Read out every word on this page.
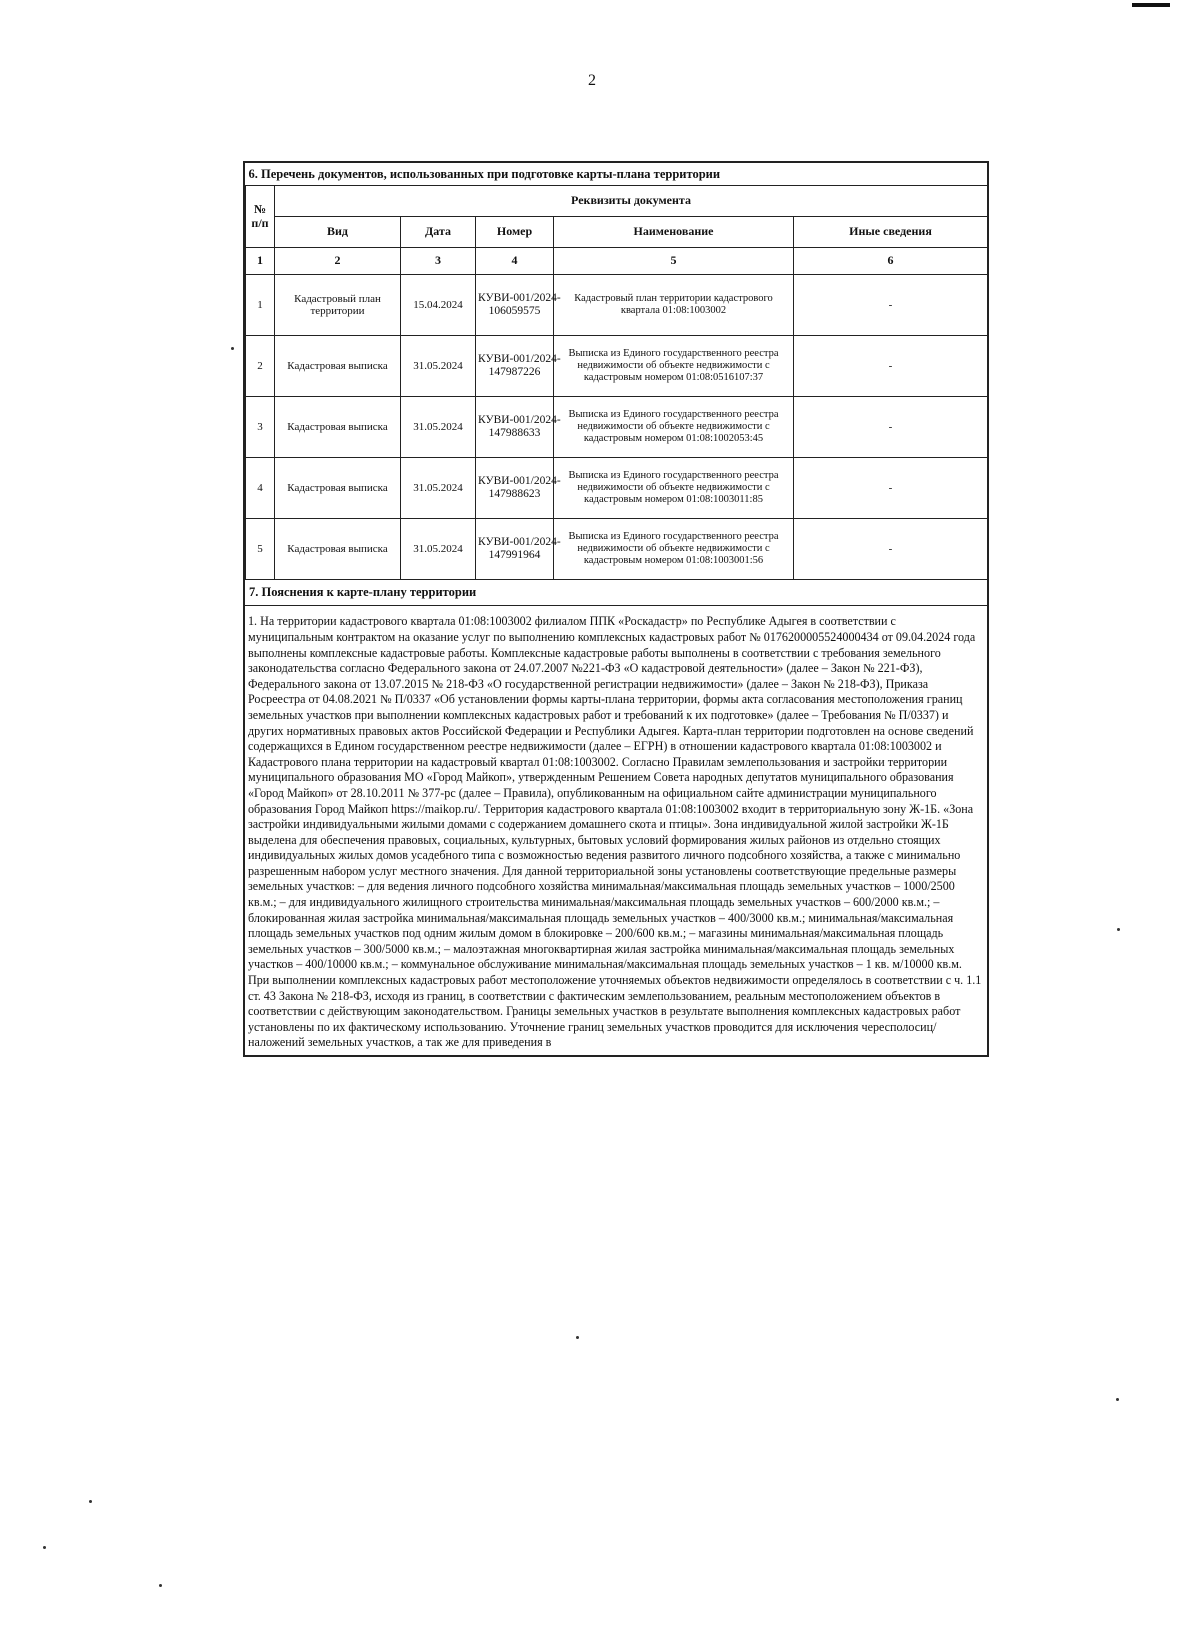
2
6. Перечень документов, использованных при подготовке карты-плана территории					
№ п/п	Реквизиты документа				
	Вид	Дата	Номер	Наименование	Иные сведения
1	2	3	4	5	6
1	Кадастровый план территории	15.04.2024	КУВИ-001/2024-106059575	Кадастровый план территории кадастрового квартала 01:08:1003002	-
2	Кадастровая выписка	31.05.2024	КУВИ-001/2024-147987226	Выписка из Единого государственного реестра недвижимости об объекте недвижимости с кадастровым номером 01:08:0516107:37	-
3	Кадастровая выписка	31.05.2024	КУВИ-001/2024-147988633	Выписка из Единого государственного реестра недвижимости об объекте недвижимости с кадастровым номером 01:08:1002053:45	-
4	Кадастровая выписка	31.05.2024	КУВИ-001/2024-147988623	Выписка из Единого государственного реестра недвижимости об объекте недвижимости с кадастровым номером 01:08:1003011:85	-
5	Кадастровая выписка	31.05.2024	КУВИ-001/2024-147991964	Выписка из Единого государственного реестра недвижимости об объекте недвижимости с кадастровым номером 01:08:1003001:56	-
7. Пояснения к карте-плану территории
1. На территории кадастрового квартала 01:08:1003002 филиалом ППК «Роскадастр» по Республике Адыгея в соответствии с муниципальным контрактом на оказание услуг по выполнению комплексных кадастровых работ № 0176200005524000434 от 09.04.2024 года выполнены комплексные кадастровые работы. Комплексные кадастровые работы выполнены в соответствии с требования земельного законодательства согласно Федерального закона от 24.07.2007 №221-ФЗ «О кадастровой деятельности» (далее – Закон № 221-ФЗ), Федерального закона от 13.07.2015 № 218-ФЗ «О государственной регистрации недвижимости» (далее – Закон № 218-ФЗ), Приказа Росреестра от 04.08.2021 № П/0337 «Об установлении формы карты-плана территории, формы акта согласования местоположения границ земельных участков при выполнении комплексных кадастровых работ и требований к их подготовке» (далее – Требования № П/0337) и других нормативных правовых актов Российской Федерации и Республики Адыгея. Карта-план территории подготовлен на основе сведений содержащихся в Едином государственном реестре недвижимости (далее – ЕГРН) в отношении кадастрового квартала 01:08:1003002 и Кадастрового плана территории на кадастровый квартал 01:08:1003002. Согласно Правилам землепользования и застройки территории муниципального образования МО «Город Майкоп», утвержденным Решением Совета народных депутатов муниципального образования «Город Майкоп» от 28.10.2011 № 377-рс (далее – Правила), опубликованным на официальном сайте администрации муниципального образования Город Майкоп https://maikop.ru/. Территория кадастрового квартала 01:08:1003002 входит в территориальную зону Ж-1Б. «Зона застройки индивидуальными жилыми домами с содержанием домашнего скота и птицы». Зона индивидуальной жилой застройки Ж-1Б выделена для обеспечения правовых, социальных, культурных, бытовых условий формирования жилых районов из отдельно стоящих индивидуальных жилых домов усадебного типа с возможностью ведения развитого личного подсобного хозяйства, а также с минимально разрешенным набором услуг местного значения. Для данной территориальной зоны установлены соответствующие предельные размеры земельных участков: – для ведения личного подсобного хозяйства минимальная/максимальная площадь земельных участков – 1000/2500 кв.м.; – для индивидуального жилищного строительства минимальная/максимальная площадь земельных участков – 600/2000 кв.м.; – блокированная жилая застройка минимальная/максимальная площадь земельных участков – 400/3000 кв.м.; минимальная/максимальная площадь земельных участков под одним жилым домом в блокировке – 200/600 кв.м.; – магазины минимальная/максимальная площадь земельных участков – 300/5000 кв.м.; – малоэтажная многоквартирная жилая застройка минимальная/максимальная площадь земельных участков – 400/10000 кв.м.; – коммунальное обслуживание минимальная/максимальная площадь земельных участков – 1 кв. м/10000 кв.м. При выполнении комплексных кадастровых работ местоположение уточняемых объектов недвижимости определялось в соответствии с ч. 1.1 ст. 43 Закона № 218-ФЗ, исходя из границ, в соответствии с фактическим землепользованием, реальным местоположением объектов в соответствии с действующим законодательством. Границы земельных участков в результате выполнения комплексных кадастровых работ установлены по их фактическому использованию. Уточнение границ земельных участков проводится для исключения чересполосиц/наложений земельных участков, а так же для приведения в
